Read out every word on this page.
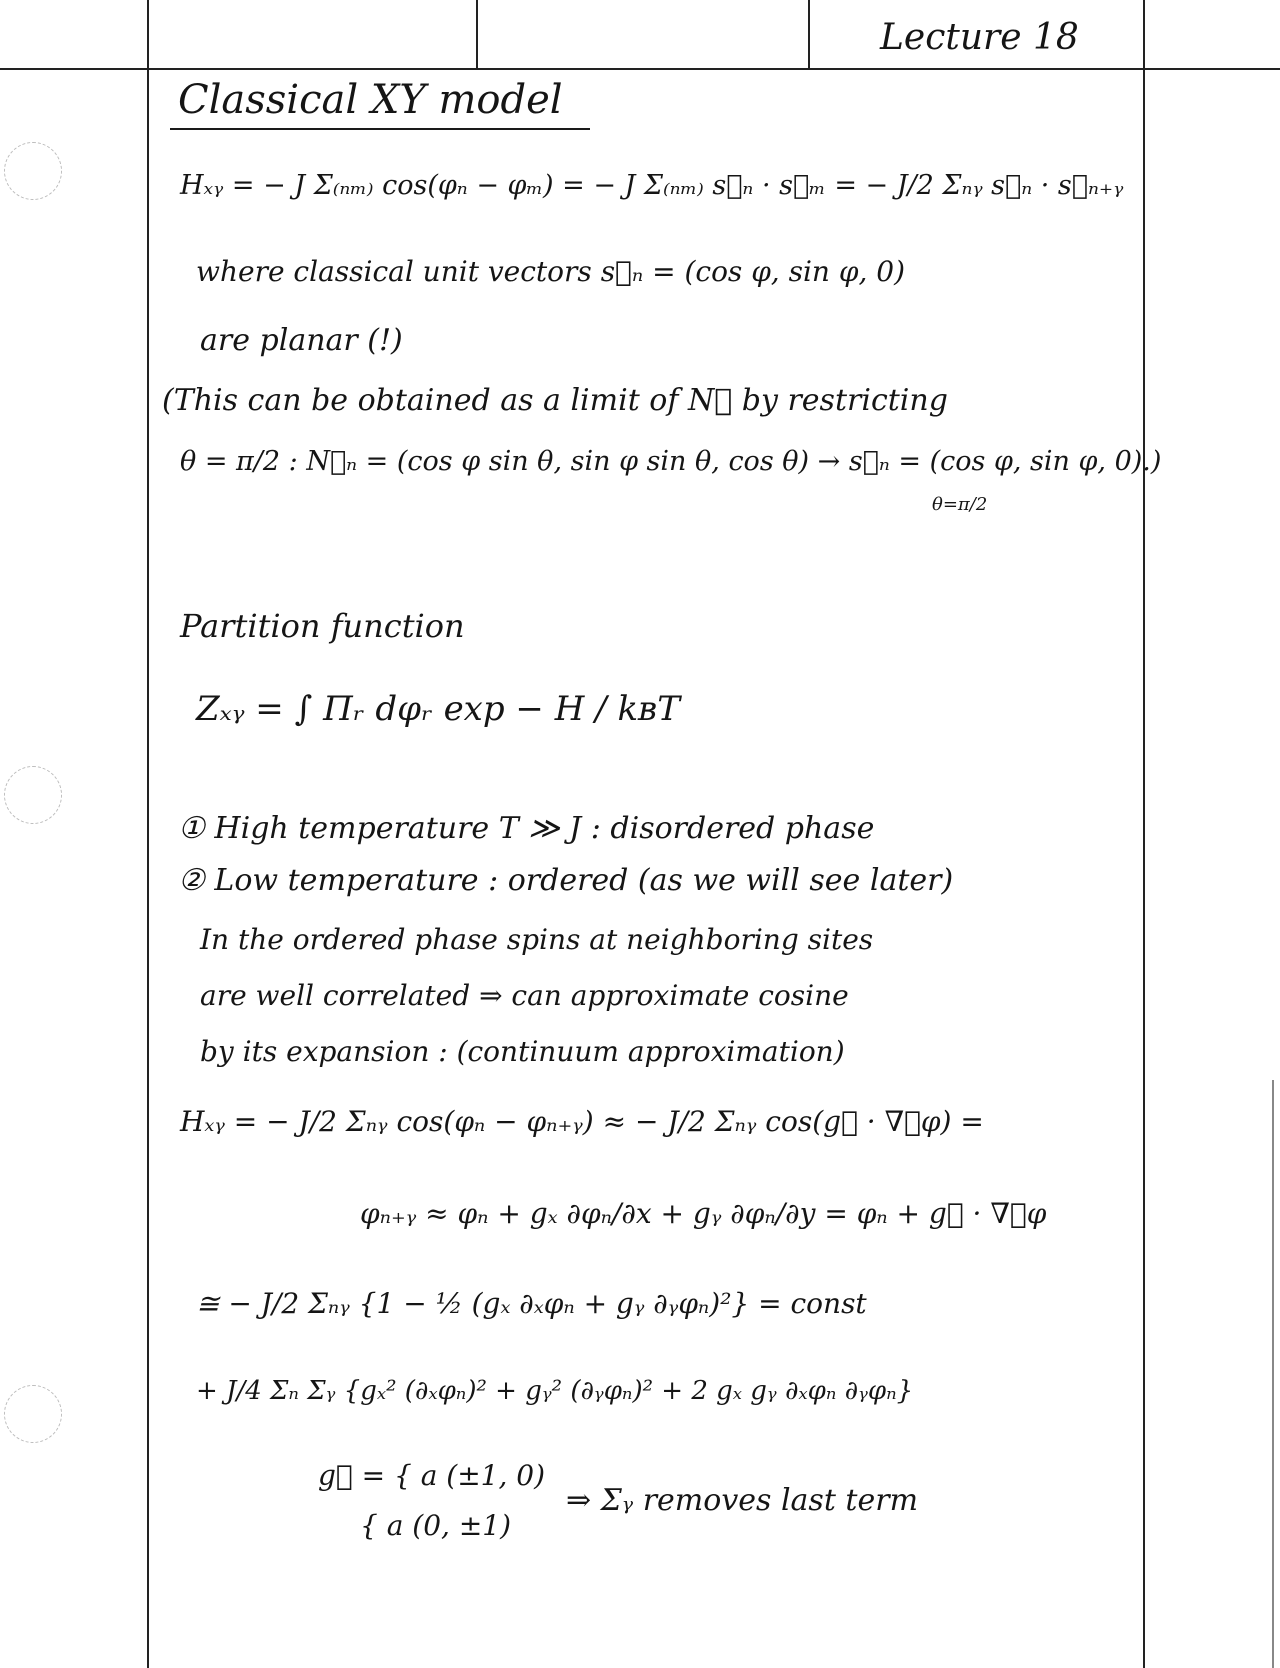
Lecture 18
Classical XY model
Hₓᵧ = − J Σ₍ₙₘ₎ cos(φₙ − φₘ) = − J Σ₍ₙₘ₎ s⃗ₙ · s⃗ₘ = − J/2 Σₙᵧ s⃗ₙ · s⃗ₙ₊ᵧ
where classical unit vectors s⃗ₙ = (cos φ, sin φ, 0)
are planar (!)
(This can be obtained as a limit of N⃗ by restricting
θ = π/2 : N⃗ₙ = (cos φ sin θ, sin φ sin θ, cos θ) → s⃗ₙ = (cos φ, sin φ, 0).)
θ=π/2
Partition function
Zₓᵧ = ∫ Πᵣ dφᵣ exp − H / kʙT
① High temperature T ≫ J : disordered phase
② Low temperature : ordered (as we will see later)
In the ordered phase spins at neighboring sites
are well correlated ⇒ can approximate cosine
by its expansion : (continuum approximation)
Hₓᵧ = − J/2 Σₙᵧ cos(φₙ − φₙ₊ᵧ) ≈ − J/2 Σₙᵧ cos(g⃗ · ∇⃗φ) =
φₙ₊ᵧ ≈ φₙ + gₓ ∂φₙ/∂x + gᵧ ∂φₙ/∂y = φₙ + g⃗ · ∇⃗φ
≅ − J/2 Σₙᵧ {1 − ½ (gₓ ∂ₓφₙ + gᵧ ∂ᵧφₙ)²} = const
+ J/4 Σₙ Σᵧ {gₓ² (∂ₓφₙ)² + gᵧ² (∂ᵧφₙ)² + 2 gₓ gᵧ ∂ₓφₙ ∂ᵧφₙ}
g⃗ = { a (±1, 0)
{ a (0, ±1)
⇒ Σᵧ removes last term
